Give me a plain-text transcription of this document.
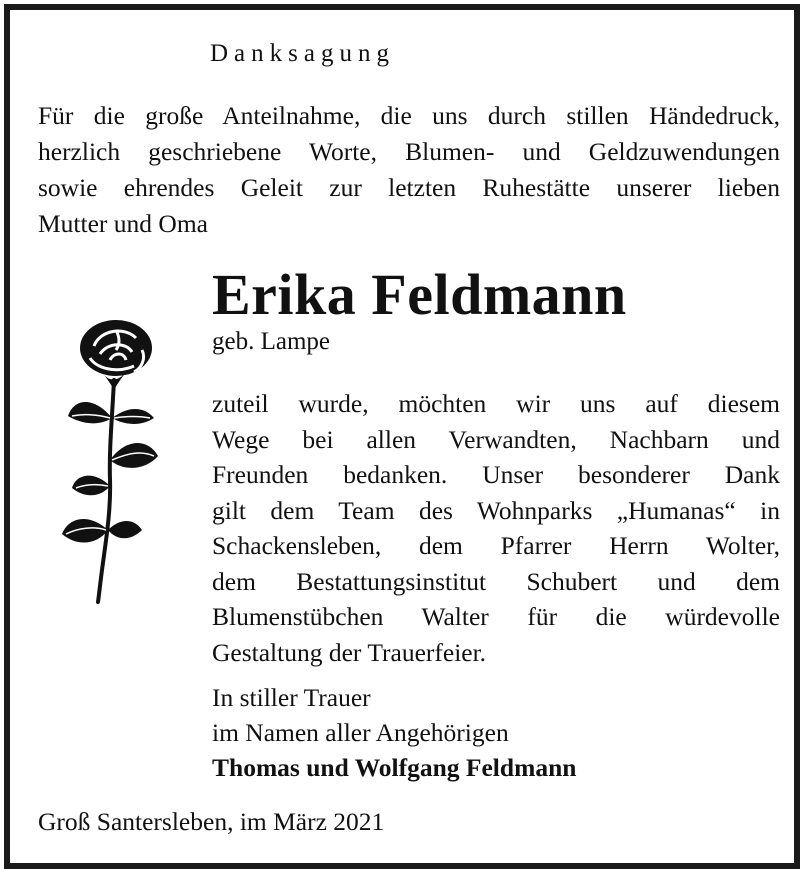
Danksagung
Für die große Anteilnahme, die uns durch stillen Händedruck,
herzlich geschriebene Worte, Blumen- und Geldzuwendungen
sowie ehrendes Geleit zur letzten Ruhestätte unserer lieben
Mutter und Oma
Erika Feldmann
geb. Lampe
zuteil wurde, möchten wir uns auf diesem
Wege bei allen Verwandten, Nachbarn und
Freunden bedanken. Unser besonderer Dank
gilt dem Team des Wohnparks „Humanas“ in
Schackensleben, dem Pfarrer Herrn Wolter,
dem Bestattungsinstitut Schubert und dem
Blumenstübchen Walter für die würdevolle
Gestaltung der Trauerfeier.
In stiller Trauer
im Namen aller Angehörigen
Thomas und Wolfgang Feldmann
Groß Santersleben, im März 2021
